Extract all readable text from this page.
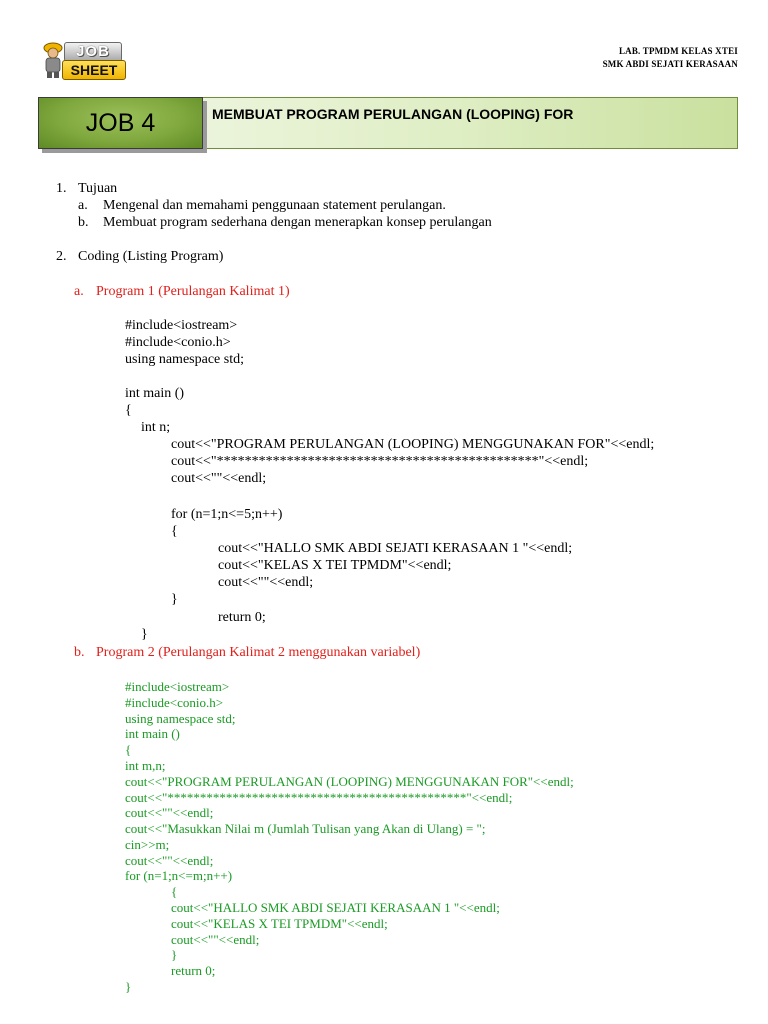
JOB
SHEET
LAB. TPMDM KELAS XTEI
SMK ABDI SEJATI KERASAAN
JOB 4	MEMBUAT PROGRAM PERULANGAN (LOOPING) FOR
1. Tujuan
a. Mengenal dan memahami penggunaan statement perulangan.
b. Membuat program sederhana dengan menerapkan konsep perulangan
2. Coding (Listing Program)
a. Program 1 (Perulangan Kalimat 1)
#include<iostream>
#include<conio.h>
using namespace std;
int main ()
{
int n;
cout<<"PROGRAM PERULANGAN (LOOPING) MENGGUNAKAN FOR"<<endl;
cout<<"**********************************************"<<endl;
cout<<""<<endl;
for (n=1;n<=5;n++)
{
cout<<"HALLO SMK ABDI SEJATI KERASAAN 1 "<<endl;
cout<<"KELAS X TEI TPMDM"<<endl;
cout<<""<<endl;
}
return 0;
}
b. Program 2 (Perulangan Kalimat 2 menggunakan variabel)
#include<iostream>
#include<conio.h>
using namespace std;
int main ()
{
int m,n;
cout<<"PROGRAM PERULANGAN (LOOPING) MENGGUNAKAN FOR"<<endl;
cout<<"**********************************************"<<endl;
cout<<""<<endl;
cout<<"Masukkan Nilai m (Jumlah Tulisan yang Akan di Ulang) = ";
cin>>m;
cout<<""<<endl;
for (n=1;n<=m;n++)
{
cout<<"HALLO SMK ABDI SEJATI KERASAAN 1 "<<endl;
cout<<"KELAS X TEI TPMDM"<<endl;
cout<<""<<endl;
}
return 0;
}
